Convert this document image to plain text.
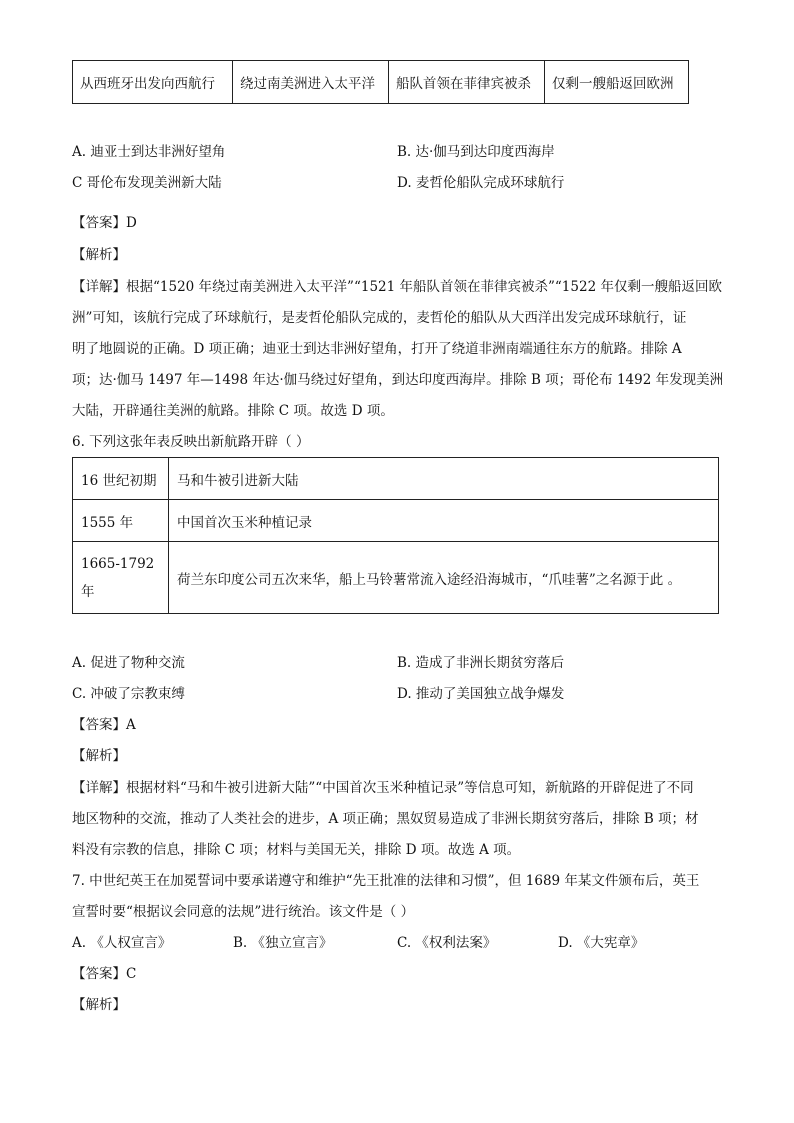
从西班牙出发向西航行	绕过南美洲进入太平洋	船队首领在菲律宾被杀	仅剩一艘船返回欧洲
A. 迪亚士到达非洲好望角	B. 达·伽马到达印度西海岸
C 哥伦布发现美洲新大陆	D. 麦哲伦船队完成环球航行
【答案】D
【解析】
【详解】根据“1520 年绕过南美洲进入太平洋”“1521 年船队首领在菲律宾被杀”“1522 年仅剩一艘船返回欧
洲”可知，该航行完成了环球航行，是麦哲伦船队完成的，麦哲伦的船队从大西洋出发完成环球航行，证
明了地圆说的正确。D 项正确；迪亚士到达非洲好望角，打开了绕道非洲南端通往东方的航路。排除 A
项；达·伽马 1497 年—1498 年达·伽马绕过好望角，到达印度西海岸。排除 B 项；哥伦布 1492 年发现美洲
大陆，开辟通往美洲的航路。排除 C 项。故选 D 项。
6. 下列这张年表反映出新航路开辟（ ）
16 世纪初期	马和牛被引进新大陆
1555 年	中国首次玉米种植记录

1665-1792
年	荷兰东印度公司五次来华，船上马铃薯常流入途经沿海城市，“爪哇薯”之名源于此 。
A. 促进了物种交流	B. 造成了非洲长期贫穷落后
C. 冲破了宗教束缚	D. 推动了美国独立战争爆发
【答案】A
【解析】
【详解】根据材料“马和牛被引进新大陆”“中国首次玉米种植记录”等信息可知，新航路的开辟促进了不同
地区物种的交流，推动了人类社会的进步，A 项正确；黑奴贸易造成了非洲长期贫穷落后，排除 B 项；材
料没有宗教的信息，排除 C 项；材料与美国无关，排除 D 项。故选 A 项。
7. 中世纪英王在加冕誓词中要承诺遵守和维护“先王批准的法律和习惯”，但 1689 年某文件颁布后，英王
宣誓时要“根据议会同意的法规”进行统治。该文件是（ ）
A. 《人权宣言》	B. 《独立宣言》	C. 《权利法案》	D. 《大宪章》
【答案】C
【解析】
